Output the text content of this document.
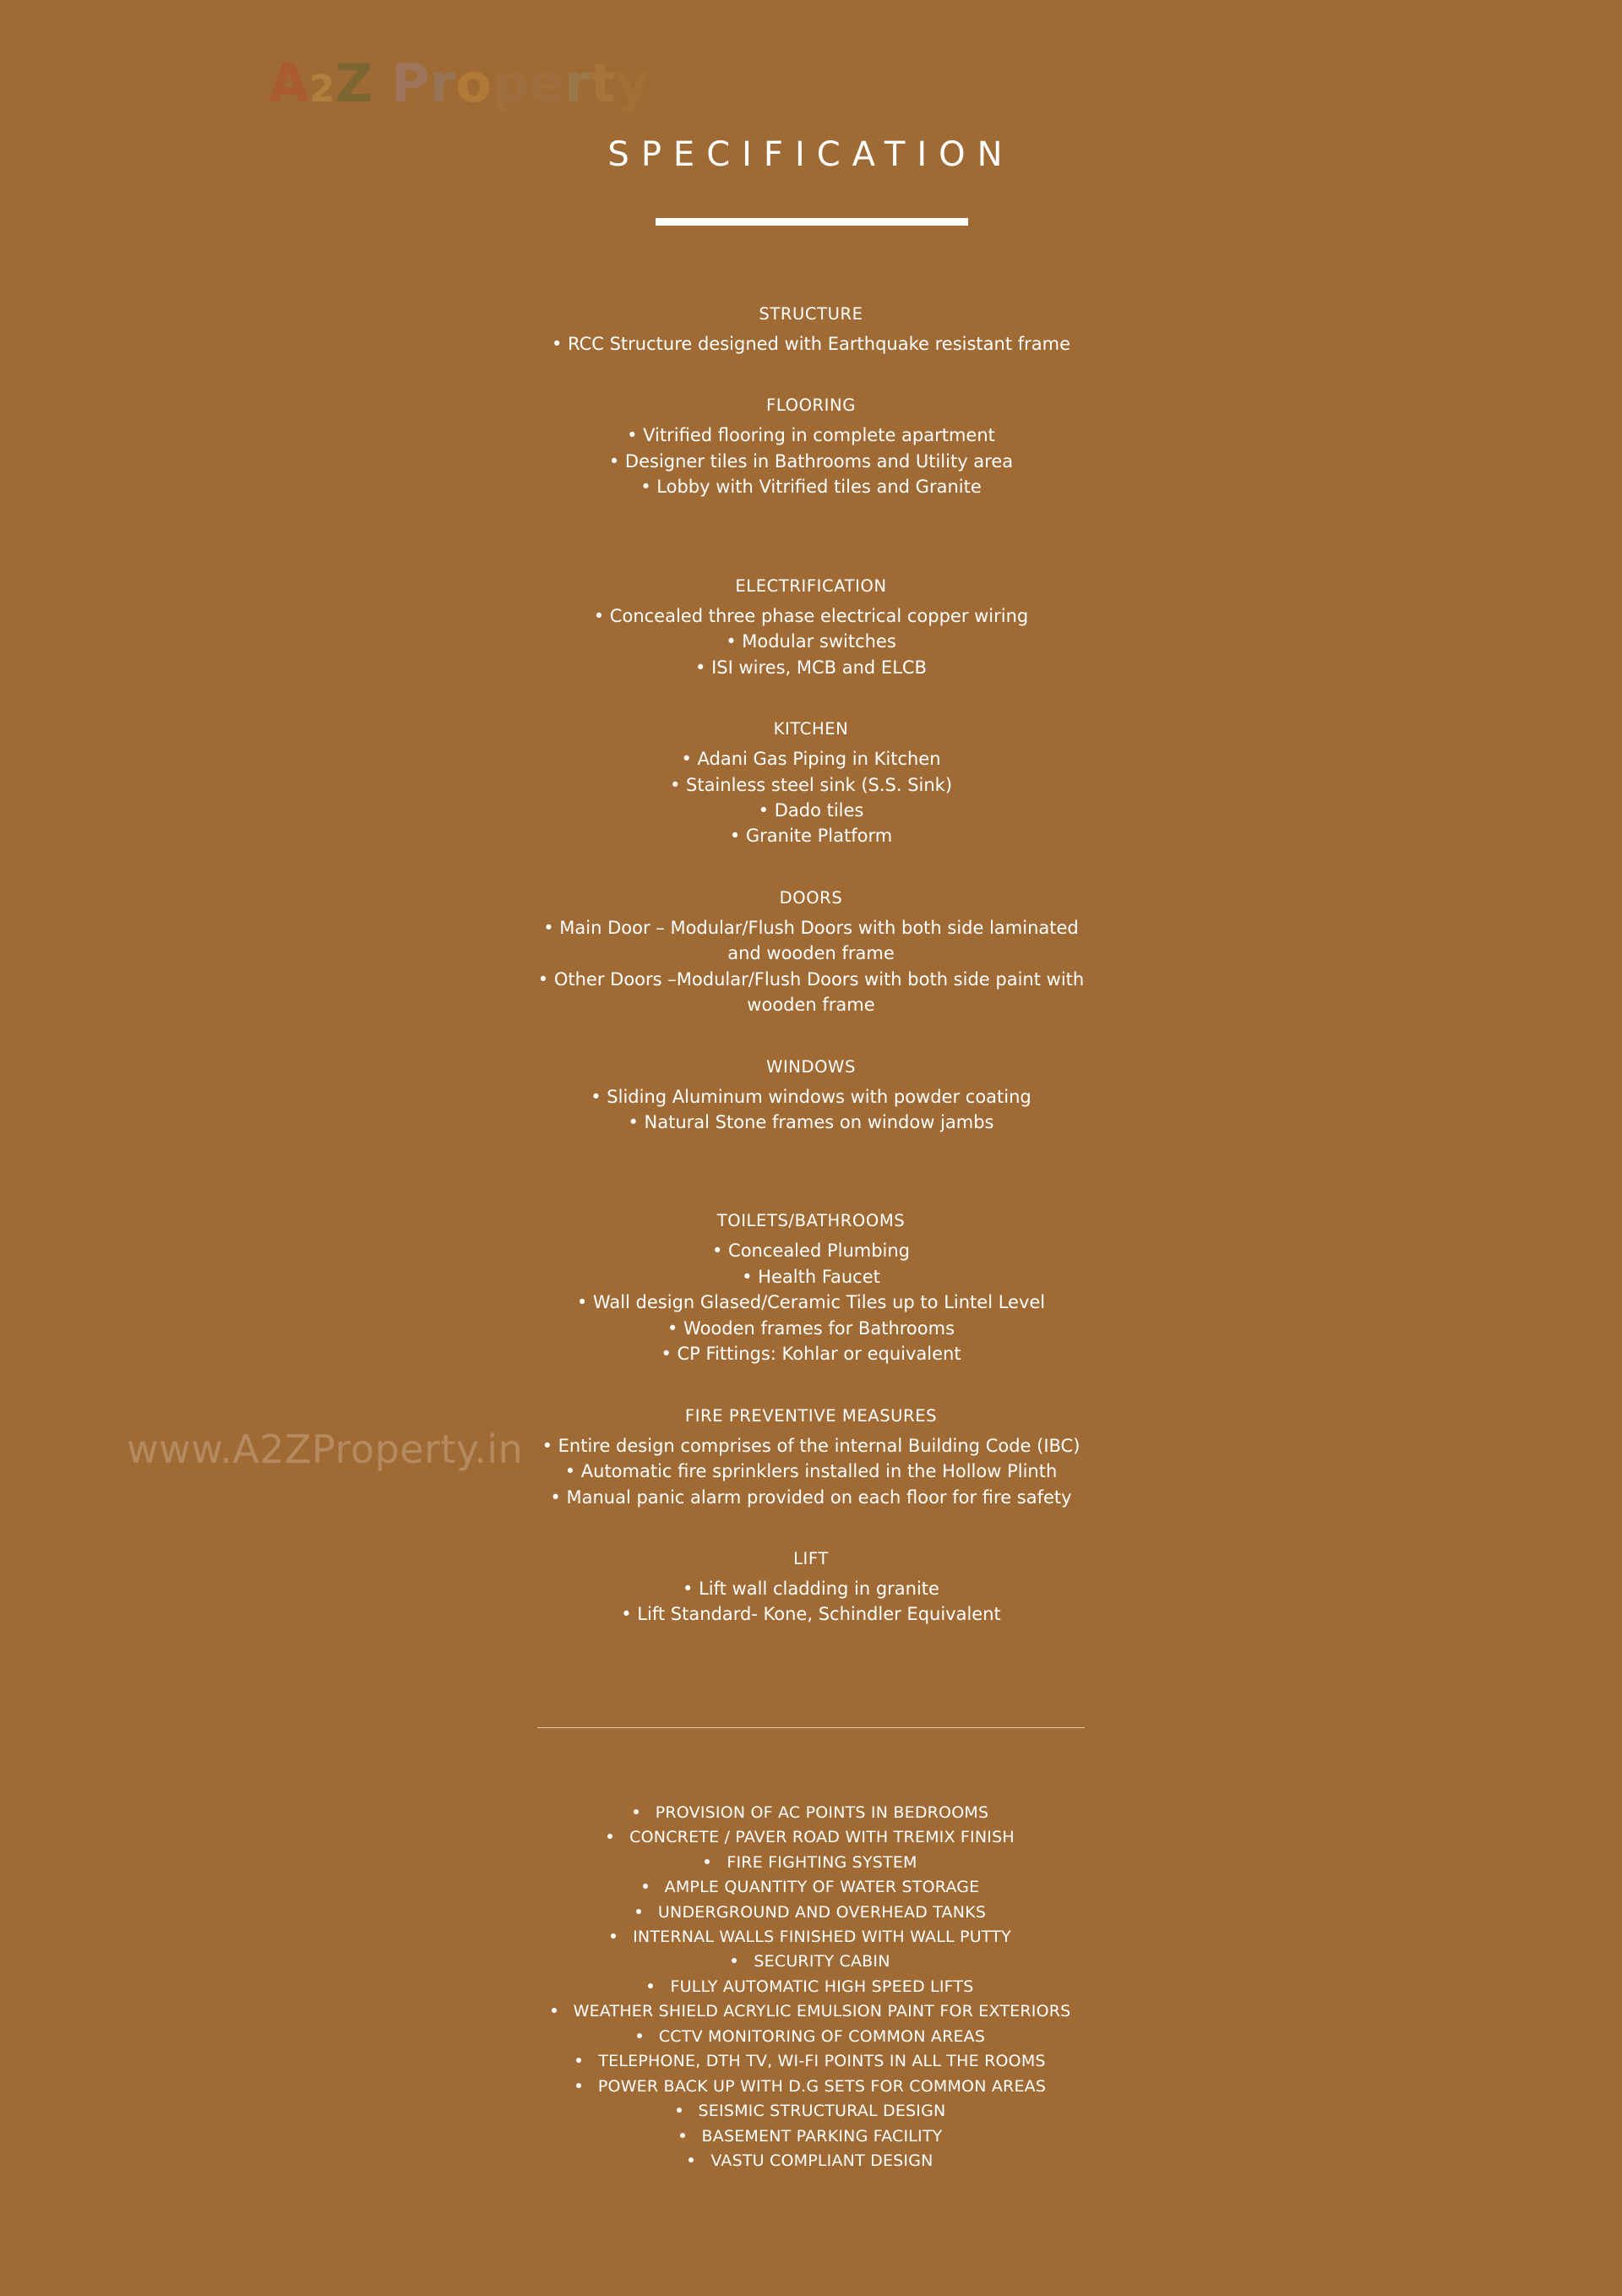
A2Z Property
www.A2ZProperty.in
SPECIFICATION
STRUCTURE
• RCC Structure designed with Earthquake resistant frame
FLOORING
• Vitrified flooring in complete apartment
• Designer tiles in Bathrooms and Utility area
• Lobby with Vitrified tiles and Granite
ELECTRIFICATION
• Concealed three phase electrical copper wiring
• Modular switches
• ISI wires, MCB and ELCB
KITCHEN
• Adani Gas Piping in Kitchen
• Stainless steel sink (S.S. Sink)
• Dado tiles
• Granite Platform
DOORS
• Main Door – Modular/Flush Doors with both side laminated and wooden frame
• Other Doors –Modular/Flush Doors with both side paint with wooden frame
WINDOWS
• Sliding Aluminum windows with powder coating
• Natural Stone frames on window jambs
TOILETS/BATHROOMS
• Concealed Plumbing
• Health Faucet
• Wall design Glased/Ceramic Tiles up to Lintel Level
• Wooden frames for Bathrooms
• CP Fittings: Kohlar or equivalent
FIRE PREVENTIVE MEASURES
• Entire design comprises of the internal Building Code (IBC)
• Automatic fire sprinklers installed in the Hollow Plinth
• Manual panic alarm provided on each floor for fire safety
LIFT
• Lift wall cladding in granite
• Lift Standard- Kone, Schindler Equivalent
PROVISION OF AC POINTS IN BEDROOMS
CONCRETE / PAVER ROAD WITH TREMIX FINISH
FIRE FIGHTING SYSTEM
AMPLE QUANTITY OF WATER STORAGE
UNDERGROUND AND OVERHEAD TANKS
INTERNAL WALLS FINISHED WITH WALL PUTTY
SECURITY CABIN
FULLY AUTOMATIC HIGH SPEED LIFTS
WEATHER SHIELD ACRYLIC EMULSION PAINT FOR EXTERIORS
CCTV MONITORING OF COMMON AREAS
TELEPHONE, DTH TV, WI-FI POINTS IN ALL THE ROOMS
POWER BACK UP WITH D.G SETS FOR COMMON AREAS
SEISMIC STRUCTURAL DESIGN
BASEMENT PARKING FACILITY
VASTU COMPLIANT DESIGN
